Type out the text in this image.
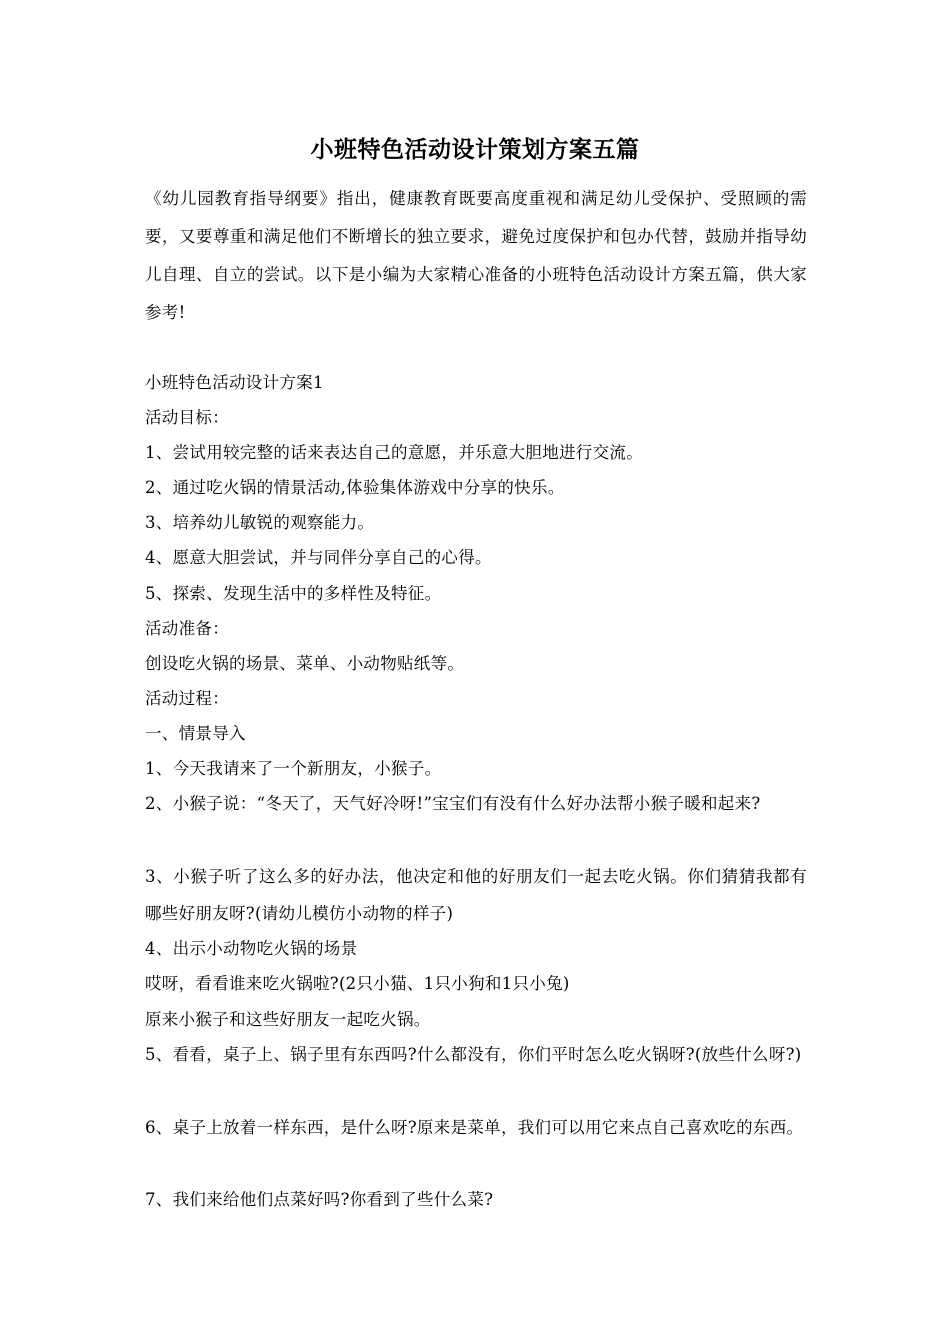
小班特色活动设计策划方案五篇
《幼儿园教育指导纲要》指出，健康教育既要高度重视和满足幼儿受保护、受照顾的需要，又要尊重和满足他们不断增长的独立要求，避免过度保护和包办代替，鼓励并指导幼儿自理、自立的尝试。以下是小编为大家精心准备的小班特色活动设计方案五篇，供大家参考!
小班特色活动设计方案1
活动目标：
1、尝试用较完整的话来表达自己的意愿，并乐意大胆地进行交流。
2、通过吃火锅的情景活动,体验集体游戏中分享的快乐。
3、培养幼儿敏锐的观察能力。
4、愿意大胆尝试，并与同伴分享自己的心得。
5、探索、发现生活中的多样性及特征。
活动准备：
创设吃火锅的场景、菜单、小动物贴纸等。
活动过程：
一、情景导入
1、今天我请来了一个新朋友，小猴子。
2、小猴子说：“冬天了，天气好冷呀!”宝宝们有没有什么好办法帮小猴子暖和起来?
3、小猴子听了这么多的好办法，他决定和他的好朋友们一起去吃火锅。你们猜猜我都有哪些好朋友呀?(请幼儿模仿小动物的样子)
4、出示小动物吃火锅的场景
哎呀，看看谁来吃火锅啦?(2只小猫、1只小狗和1只小兔)
原来小猴子和这些好朋友一起吃火锅。
5、看看，桌子上、锅子里有东西吗?什么都没有，你们平时怎么吃火锅呀?(放些什么呀?)
6、桌子上放着一样东西，是什么呀?原来是菜单，我们可以用它来点自己喜欢吃的东西。
7、我们来给他们点菜好吗?你看到了些什么菜?
